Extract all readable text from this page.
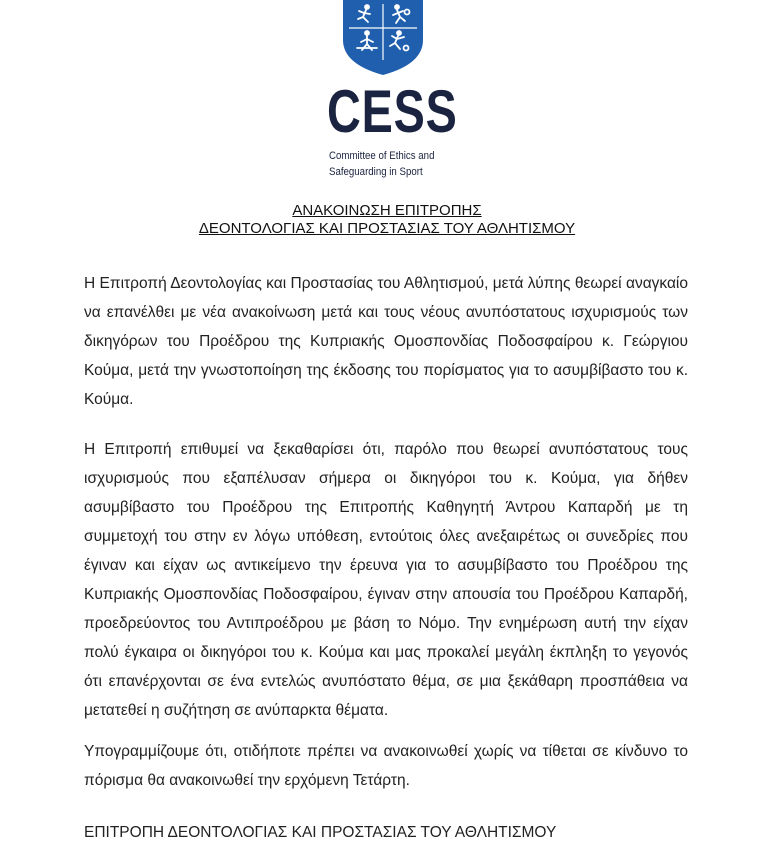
CESS
Committee of Ethics and
Safeguarding in Sport
ΑΝΑΚΟΙΝΩΣΗ ΕΠΙΤΡΟΠΗΣ
ΔΕΟΝΤΟΛΟΓΙΑΣ ΚΑΙ ΠΡΟΣΤΑΣΙΑΣ ΤΟΥ ΑΘΛΗΤΙΣΜΟΥ

Η Επιτροπή Δεοντολογίας και Προστασίας του Αθλητισμού, μετά λύπης θεωρεί αναγκαίο να επανέλθει με νέα ανακοίνωση μετά και τους νέους ανυπόστατους ισχυρισμούς των δικηγόρων του Προέδρου της Κυπριακής Ομοσπονδίας Ποδοσφαίρου κ. Γεώργιου Κούμα, μετά την γνωστοποίηση της έκδοσης του πορίσματος για το ασυμβίβαστο του κ. Κούμα.

Η Επιτροπή επιθυμεί να ξεκαθαρίσει ότι, παρόλο που θεωρεί ανυπόστατους τους ισχυρισμούς που εξαπέλυσαν σήμερα οι δικηγόροι του κ. Κούμα, για δήθεν ασυμβίβαστο του Προέδρου της Επιτροπής Καθηγητή Άντρου Καπαρδή με τη συμμετοχή του στην εν λόγω υπόθεση, εντούτοις όλες ανεξαιρέτως οι συνεδρίες που έγιναν και είχαν ως αντικείμενο την έρευνα για το ασυμβίβαστο του Προέδρου της Κυπριακής Ομοσπονδίας Ποδοσφαίρου, έγιναν στην απουσία του Προέδρου Καπαρδή, προεδρεύοντος του Αντιπροέδρου με βάση το Νόμο. Την ενημέρωση αυτή την είχαν πολύ έγκαιρα οι δικηγόροι του κ. Κούμα και μας προκαλεί μεγάλη έκπληξη το γεγονός ότι επανέρχονται σε ένα εντελώς ανυπόστατο θέμα, σε μια ξεκάθαρη προσπάθεια να μετατεθεί η συζήτηση σε ανύπαρκτα θέματα.

Υπογραμμίζουμε ότι, οτιδήποτε πρέπει να ανακοινωθεί χωρίς να τίθεται σε κίνδυνο το πόρισμα θα ανακοινωθεί την ερχόμενη Τετάρτη.

ΕΠΙΤΡΟΠΗ ΔΕΟΝΤΟΛΟΓΙΑΣ ΚΑΙ ΠΡΟΣΤΑΣΙΑΣ ΤΟΥ ΑΘΛΗΤΙΣΜΟΥ
